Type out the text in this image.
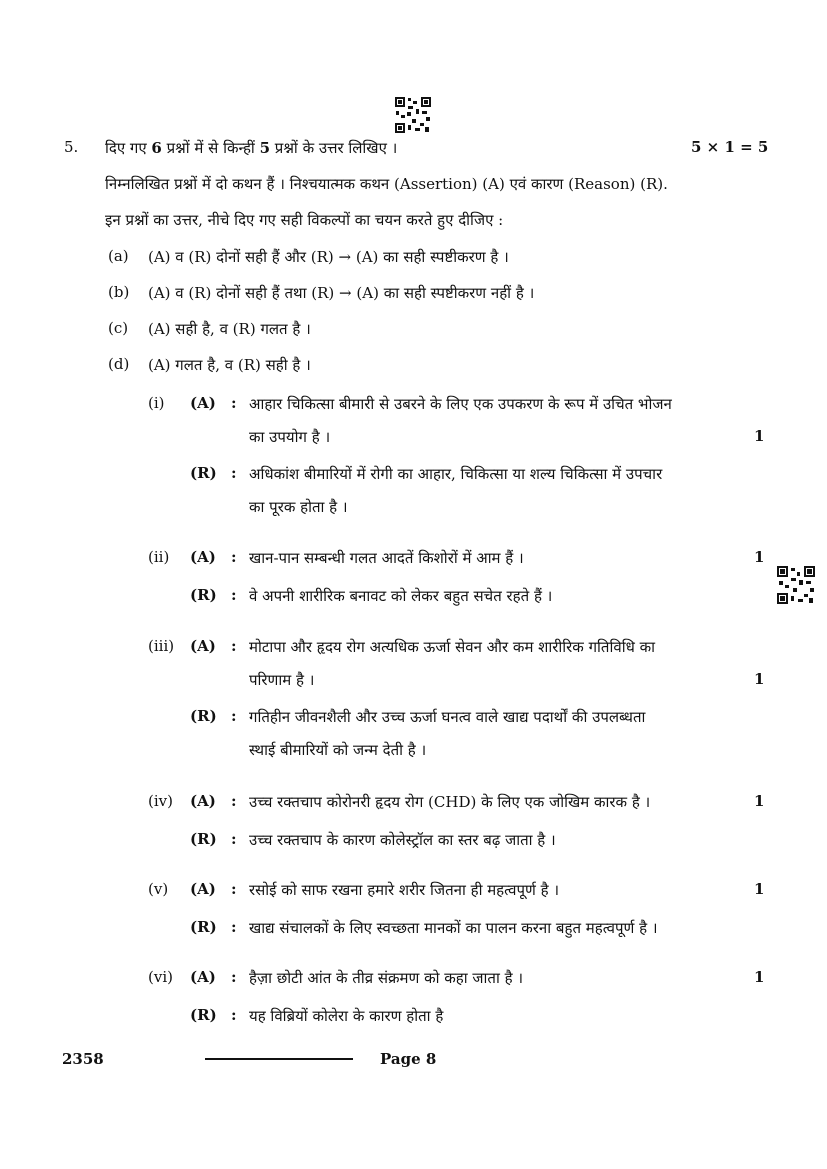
5. दिए गए 6 प्रश्नों में से किन्हीं 5 प्रश्नों के उत्तर लिखिए ।	5 × 1 = 5
निम्नलिखित प्रश्नों में दो कथन हैं । निश्चयात्मक कथन (Assertion) (A) एवं कारण (Reason) (R).
इन प्रश्नों का उत्तर, नीचे दिए गए सही विकल्पों का चयन करते हुए दीजिए :
(a) (A) व (R) दोनों सही हैं और (R) → (A) का सही स्पष्टीकरण है ।
(b) (A) व (R) दोनों सही हैं तथा (R) → (A) का सही स्पष्टीकरण नहीं है ।
(c) (A) सही है, व (R) गलत है ।
(d) (A) गलत है, व (R) सही है ।
(i) (A) : आहार चिकित्सा बीमारी से उबरने के लिए एक उपकरण के रूप में उचित भोजन
का उपयोग है ।	1
(R) : अधिकांश बीमारियों में रोगी का आहार, चिकित्सा या शल्य चिकित्सा में उपचार
का पूरक होता है ।
(ii) (A) : खान-पान सम्बन्धी गलत आदतें किशोरों में आम हैं ।	1
(R) : वे अपनी शारीरिक बनावट को लेकर बहुत सचेत रहते हैं ।
(iii) (A) : मोटापा और हृदय रोग अत्यधिक ऊर्जा सेवन और कम शारीरिक गतिविधि का
परिणाम है ।	1
(R) : गतिहीन जीवनशैली और उच्च ऊर्जा घनत्व वाले खाद्य पदार्थों की उपलब्धता
स्थाई बीमारियों को जन्म देती है ।
(iv) (A) : उच्च रक्तचाप कोरोनरी हृदय रोग (CHD) के लिए एक जोखिम कारक है ।	1
(R) : उच्च रक्तचाप के कारण कोलेस्ट्रॉल का स्तर बढ़ जाता है ।
(v) (A) : रसोई को साफ रखना हमारे शरीर जितना ही महत्वपूर्ण है ।	1
(R) : खाद्य संचालकों के लिए स्वच्छता मानकों का पालन करना बहुत महत्वपूर्ण है ।
(vi) (A) : हैज़ा छोटी आंत के तीव्र संक्रमण को कहा जाता है ।	1
(R) : यह विब्रियों कोलेरा के कारण होता है
2358	Page 8
